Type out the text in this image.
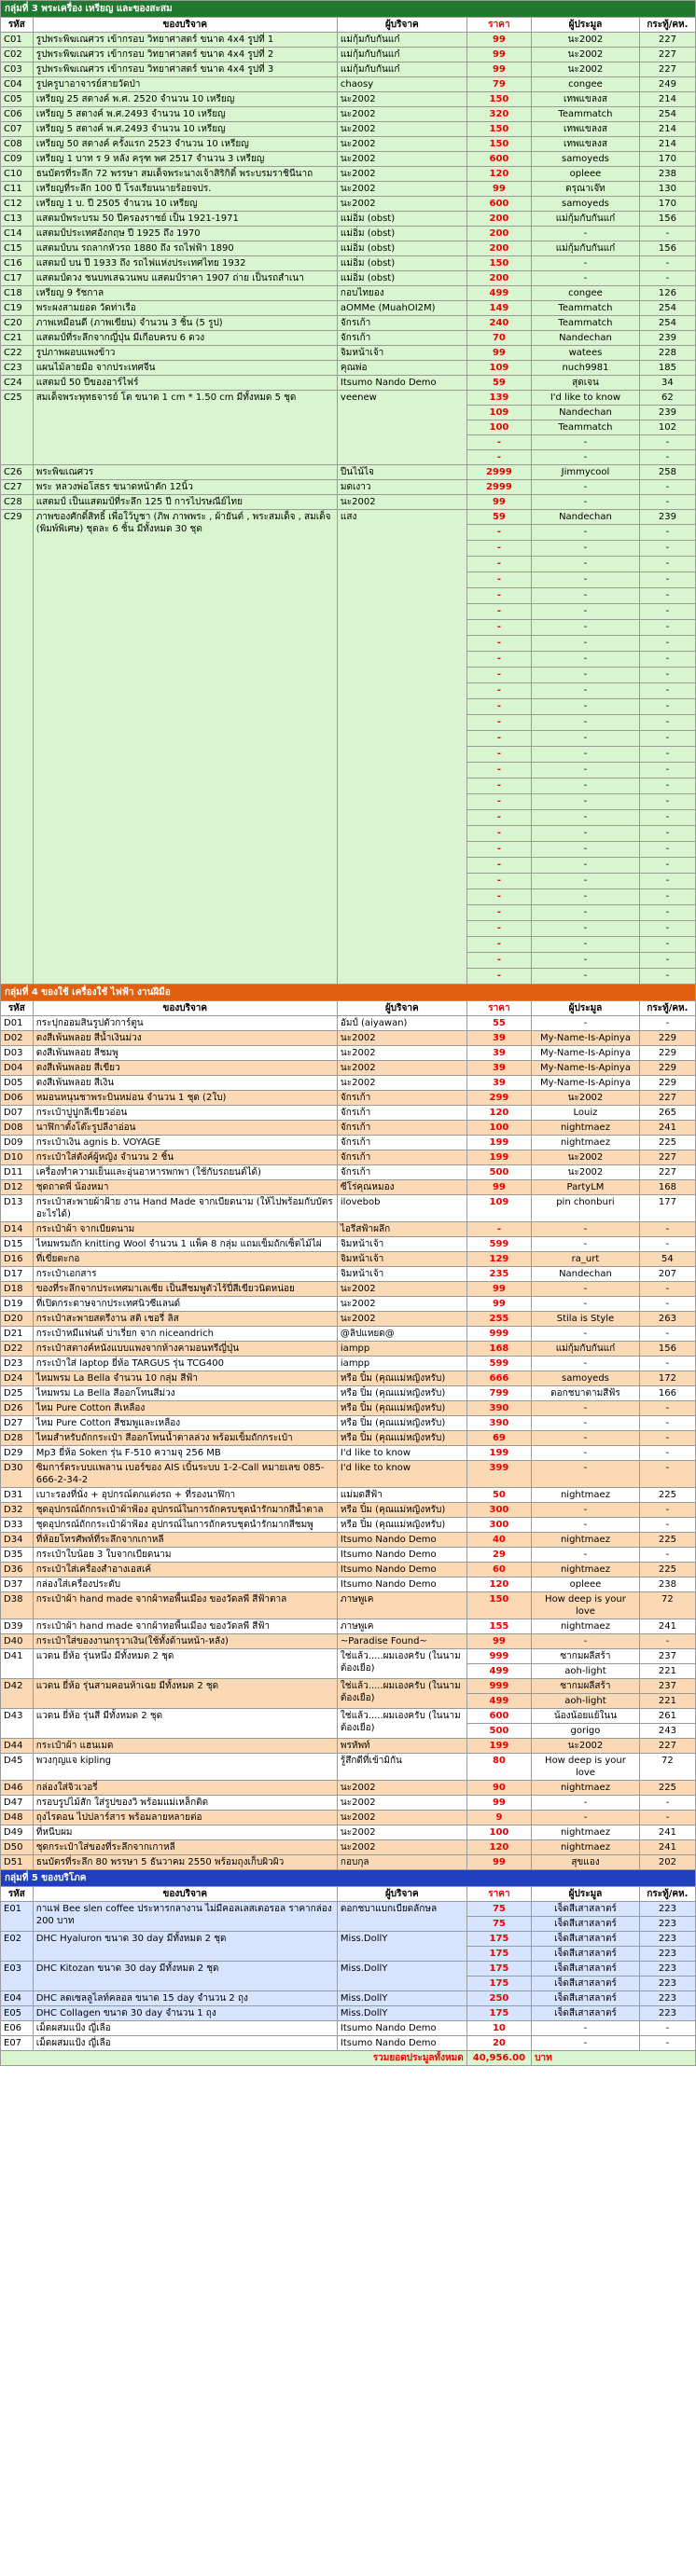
กลุ่มที่ 3 พระเครื่อง เหรียญ และของสะสม					
รหัส	ของบริจาค	ผู้บริจาค	ราคา	ผู้ประมูล	กระทู้/คห.
C01	รูปพระพิฆเณศวร เข้ากรอบ วิทยาศาสตร์ ขนาด 4x4 รูปที่ 1	แม่กุ้มกับกันแก๋	99	นะ2002	227
C02	รูปพระพิฆเณศวร เข้ากรอบ วิทยาศาสตร์ ขนาด 4x4 รูปที่ 2	แม่กุ้มกับกันแก๋	99	นะ2002	227
C03	รูปพระพิฆเณศวร เข้ากรอบ วิทยาศาสตร์ ขนาด 4x4 รูปที่ 3	แม่กุ้มกับกันแก๋	99	นะ2002	227
C04	รูปครูบาอาจารย์สายวัดป่า	chaosy	79	congee	249
C05	เหรียญ 25 สตางค์ พ.ศ. 2520 จำนวน 10 เหรียญ	นะ2002	150	เทพแขลงส	214
C06	เหรียญ 5 สตางค์ พ.ศ.2493 จำนวน 10 เหรียญ	นะ2002	320	Teammatch	254
C07	เหรียญ 5 สตางค์ พ.ศ.2493 จำนวน 10 เหรียญ	นะ2002	150	เทพแขลงส	214
C08	เหรียญ 50 สตางค์ ครั้งแรก 2523 จำนวน 10 เหรียญ	นะ2002	150	เทพแขลงส	214
C09	เหรียญ 1 บาท ร 9 หลัง ครุฑ พศ 2517 จำนวน 3 เหรียญ	นะ2002	600	samoyeds	170
C10	ธนบัตรที่ระลึก 72 พรรษา สมเด็จพระนางเจ้าสิริกิติ์ พระบรมราชินีนาถ	นะ2002	120	opleee	238
C11	เหรียญที่ระลึก 100 ปี โรงเรียนนายร้อยจปร.	นะ2002	99	ดรุณาเจ๊ท	130
C12	เหรียญ 1 บ. ปี 2505 จำนวน 10 เหรียญ	นะ2002	600	samoyeds	170
C13	แสตมป์พระบรม 50 ปีครองราชย์ เป็น 1921-1971	แม่อิ่ม (obst)	200	แม่กุ้มกับกันแก๋	156
C14	แสตมป์ประเทศอังกฤษ ปี 1925 ถึง 1970	แม่อิ่ม (obst)	200	-	-
C15	แสตมป์บน รถลากหัวรถ 1880 ถึง รถไฟฟ้า 1890	แม่อิ่ม (obst)	200	แม่กุ้มกับกันแก๋	156
C16	แสตมป์ บน ปี 1933 ถึง รถไฟแห่งประเทศไทย 1932	แม่อิ่ม (obst)	150	-	-
C17	แสตมป์ดวง ชนบทเสฉวนพบ แสตมป์ราคา 1907 ถ่าย เป็นรถสำเนา	แม่อิ่ม (obst)	200	-	-
C18	เหรียญ 9 รัชกาล	กอบไทยอง	499	congee	126
C19	พระผงสามยอด วัดท่าเรือ	aOMMe (MuahOI2M)	149	Teammatch	254
C20	ภาพเหมือนดี (ภาพเขียน) จำนวน 3 ชิ้น (5 รูป)	จักรเก้า	240	Teammatch	254
C21	แสตมป์ที่ระลึกจากญี่ปุ่น มีเกือบครบ 6 ดวง	จักรเก้า	70	Nandechan	239
C22	รูปภาพผอบแพงข้าว	จิมหน้าเจ้า	99	watees	228
C23	แผนไม้ลายมือ จากประเทศจีน	คุณพ่อ	109	nuch9981	185
C24	แสตมป์ 50 ปีของอาร์ไฟร์	Itsumo Nando Demo	59	สุดเจน	34
C25	สมเด็จพระพุทธจารย์ โต ขนาด 1 cm * 1.50 cm มีทั้งหมด 5 ชุด	veenew	139	I'd like to know	62
			109	Nandechan	239
			100	Teammatch	102
			-	-	-
			-	-	-
C26	พระพิฆเณศวร	ปืนไน้ไจ	2999	Jimmycool	258
C27	พระ หลวงพ่อโสธร ขนาดหน้าตัก 12นิ้ว	มดเงาว	2999	-	-
C28	แสตมป์ เป็นแสตมป์ที่ระลึก 125 ปี การไปรษณีย์ไทย	นะ2002	99	-	-
C29	ภาพของศักดิ์สิทธิ์ เพื่อใว้บูชา (ภิพ ภาพพระ , ผ้ายันต์ , พระสมเด็จ , สมเด็จ (พิมพ์พิเศษ) ชุดละ 6 ชิ้น มีทั้งหมด 30 ชุด	แสง	59	Nandechan	239
			-	-	-
			-	-	-
			-	-	-
			-	-	-
			-	-	-
			-	-	-
			-	-	-
			-	-	-
			-	-	-
			-	-	-
			-	-	-
			-	-	-
			-	-	-
			-	-	-
			-	-	-
			-	-	-
			-	-	-
			-	-	-
			-	-	-
			-	-	-
			-	-	-
			-	-	-
			-	-	-
			-	-	-
			-	-	-
			-	-	-
			-	-	-
			-	-	-
			-	-	-
กลุ่มที่ 4 ของใช้ เครื่องใช้ ไฟฟ้า งานฝีมือ					
รหัส	ของบริจาค	ผู้บริจาค	ราคา	ผู้ประมูล	กระทู้/คห.
D01	กระปุกออมสินรูปตัวการ์ตูน	อัมป์ (aiyawan)	55	-	-
D02	ดงสีเพ้นพลอย สีน้ำเงินม่วง	นะ2002	39	My-Name-Is-Apinya	229
D03	ดงสีเพ้นพลอย สีชมพู	นะ2002	39	My-Name-Is-Apinya	229
D04	ดงสีเพ้นพลอย สีเขียว	นะ2002	39	My-Name-Is-Apinya	229
D05	ดงสีเพ้นพลอย สีเงิน	นะ2002	39	My-Name-Is-Apinya	229
D06	หมอนหนุนชาพระบินหม่อน จำนวน 1 ชุด (2ใบ)	จักรเก้า	299	นะ2002	227
D07	กระเป๋าปูปูกลีเขียวอ่อน	จักรเก้า	120	Louiz	265
D08	นาฬิกาตั้งโต๊ะรูปลีงาอ่อน	จักรเก้า	100	nightmaez	241
D09	กระเป๋าเงิน agnis b. VOYAGE	จักรเก้า	199	nightmaez	225
D10	กระเป๋าใส่ตังค์ผู้หญิง จำนวน 2 ชิ้น	จักรเก้า	199	นะ2002	227
D11	เครื่องทำความเย็นและอุ่นอาหารพกพา (ใช้กับรถยนต์ได้)	จักรเก้า	500	นะ2002	227
D12	ชุดถาดพี่ น้องหมา	ซีโร่คุณหมอง	99	PartyLM	168
D13	กระเป๋าสะพายผ้าฝ้าย งาน Hand Made จากเบียดนาม (ให้ไปพร้อมกับบัตรอะไรได้)	ilovebob	109	pin chonburi	177
D14	กระเป๋าผ้า จากเบียดนาม	ไอรีสฟ้าผลึก	-	-	-
D15	ไหมพรมถัก knitting Wool จำนวน 1 แพ็ค 8 กลุ่ม แถมเข็มถักเซ็ตไม้ไผ่	จิมหน้าเจ้า	599	-	-
D16	ที่เขี่ยตะกอ	จิมหน้าเจ้า	129	ra_urt	54
D17	กระเป๋าเอกสาร	จิมหน้าเจ้า	235	Nandechan	207
D18	ของที่ระลึกจากประเทศมาเลเซีย เป็นสีชมพูตัวไร้ปี่สีเขียวนิดหน่อย	นะ2002	99	-	-
D19	ที่เปิดกระดาษจากประเทศนิวซีแลนด์	นะ2002	99	-	-
D20	กระเป๋าสะพายสตรีงาน สติ เชอรี่ ลิส	นะ2002	255	Stila is Style	263
D21	กระเป๋าหมีแฟนด้ บ่าเรี่ยก จาก niceandrich	@ลิปแหยด@	999	-	-
D22	กระเป๋าสตางค์หนังแบบแพงจากห้างคามอนทรีญี่ปุ่น	iampp	168	แม่กุ้มกับกันแก๋	156
D23	กระเป๋าใส่ laptop ยี่ห้อ TARGUS รุ่น TCG400	iampp	599	-	-
D24	ไหมพรม La Bella จำนวน 10 กลุ่ม สีฟ้า	หรือ ปิ๋ม (คุณแม่หญิงหรับ)	666	samoyeds	172
D25	ไหมพรม La Bella สีออกโทนสีม่วง	หรือ ปิ๋ม (คุณแม่หญิงหรับ)	799	ดอกชบาตามสีฟ้ร	166
D26	ไหม Pure Cotton สีเหลือง	หรือ ปิ๋ม (คุณแม่หญิงหรับ)	390	-	-
D27	ไหม Pure Cotton สีชมพูและเหลือง	หรือ ปิ๋ม (คุณแม่หญิงหรับ)	390	-	-
D28	ไหมสำหรับถักกระเป๋า สีออกโทนน้ำตาลล่วง พร้อมเข็มถักกระเป๋า	หรือ ปิ๋ม (คุณแม่หญิงหรับ)	69	-	-
D29	Mp3 ยี่ห้อ Soken รุ่น F-510 ความจุ 256 MB	I'd like to know	199	-	-
D30	ซิมการ์ดระบบเเพลาน เบอร์ของ AIS เบิ้นระบบ 1-2-Call หมายเลข 085-666-2-34-2	I'd like to know	399	-	-
D31	เบาะรองที่นั่ง + อุปกรณ์ตกแต่งรถ + ที่รองนาฬิกา	แม่มดสีฟ้า	50	nightmaez	225
D32	ชุดอุปกรณ์ถักกระเป๋าผ้าฟ้อง อุปกรณ์ในการถักครบชุดนำรักมากสีน้ำตาล	หรือ ปิ๋ม (คุณแม่หญิงหรับ)	300	-	-
D33	ชุดอุปกรณ์ถักกระเป๋าผ้าฟ้อง อุปกรณ์ในการถักครบชุดนำรักมากสีชมพู	หรือ ปิ๋ม (คุณแม่หญิงหรับ)	300	-	-
D34	ที่ห้อยโทรศัพท์ที่ระลึกจากเกาหลี	Itsumo Nando Demo	40	nightmaez	225
D35	กระเป๋าใบน้อย 3 ใบจากเบียดนาม	Itsumo Nando Demo	29	-	-
D36	กระเป๋าใส่เครื่องสำอางเอสเค้	Itsumo Nando Demo	60	nightmaez	225
D37	กล่องใส่เครื่องประดับ	Itsumo Nando Demo	120	opleee	238
D38	กระเป๋าผ้า hand made จากผ้าทอพื้นเมือง ของวัดลพี สีฟ้าตาล	ภาษพูเค	150	How deep is your love	72
D39	กระเป๋าผ้า hand made จากผ้าทอพื้นเมือง ของวัดลพี สีฟ้า	ภาษพูเค	155	nightmaez	241
D40	กระเป๋าใส่ของงานกรุวาเงิน(ใช้ทั้งด้านหน้า-หลัง)	~Paradise Found~	99	-	-
D41	แวดน ยี่ห้อ รุ่นหนึ่ง มีทั้งหมด 2 ชุด	ใช่แล้ว.....ผมเองครับ (ในนามต้องเยือ)	999	ซากมผลีสร้า	237
			499	aoh-light	221
D42	แวดน ยี่ห้อ รุ่นสามคอนห้าเฉย มีทั้งหมด 2 ชุด	ใช่แล้ว.....ผมเองครับ (ในนามต้องเยือ)	999	ซากมผลีสร้า	237
			499	aoh-light	221
D43	แวดน ยี่ห้อ รุ่นสี มีทั้งหมด 2 ชุด	ใช่แล้ว.....ผมเองครับ (ในนามต้องเยือ)	600	น้องน้อยแย้ในน	261
			500	gorigo	243
D44	กระเป๋าผ้า แฮนเมด	พรหัพท์	199	นะ2002	227
D45	พวงกุญแจ kipling	รู้สึกดีที่เข้ามิกัน	80	How deep is your love	72
D46	กล่องใส่จิวเวอรี่	นะ2002	90	nightmaez	225
D47	กรอบรูปไม้สัก ใส่รูปของวิ พร้อมแม่เหล็กติด	นะ2002	99	-	-
D48	ถุงไรดอน ไปปลาร์สาร พร้อมลายหลายต่อ	นะ2002	9	-	-
D49	ที่หนีบผม	นะ2002	100	nightmaez	241
D50	ชุดกระเป๋าใส่ของที่ระลึกจากเกาหลี	นะ2002	120	nightmaez	241
D51	ธนบัตรที่ระลึก 80 พรรษา 5 ธันวาคม 2550 พร้อมถุงเก็บผิวผิว	กอบกุล	99	สุขแอง	202
กลุ่มที่ 5 ของบริโภค					
รหัส	ของบริจาค	ผู้บริจาค	ราคา	ผู้ประมูล	กระทู้/คห.
E01	กาแฟ Bee slen coffee ประหารกลางาน ไม่มีคอลเลสเตอรอล ราคากล่อง 200 บาท	ดอกชบาแบกเบียดลักษล	75	เจ็ดสีเสาสลาตร์	223
			75	เจ็ดสีเสาสลาตร์	223
E02	DHC Hyaluron ขนาด 30 day มีทั้งหมด 2 ชุด	Miss.DollY	175	เจ็ดสีเสาสลาตร์	223
			175	เจ็ดสีเสาสลาตร์	223
E03	DHC Kitozan ขนาด 30 day มีทั้งหมด 2 ชุด	Miss.DollY	175	เจ็ดสีเสาสลาตร์	223
			175	เจ็ดสีเสาสลาตร์	223
E04	DHC ลดเซลลูไลท์คลอล ขนาด 15 day จำนวน 2 ถุง	Miss.DollY	250	เจ็ดสีเสาสลาตร์	223
E05	DHC Collagen ขนาด 30 day จำนวน 1 ถุง	Miss.DollY	175	เจ็ดสีเสาสลาตร์	223
E06	เม็ดผสมแป้ง ญี่เลือ	Itsumo Nando Demo	10	-	-
E07	เม็ดผสมแป้ง ญี่เลือ	Itsumo Nando Demo	20	-	-
รวมยอดประมูลทั้งหมด			40,956.00	บาท	
